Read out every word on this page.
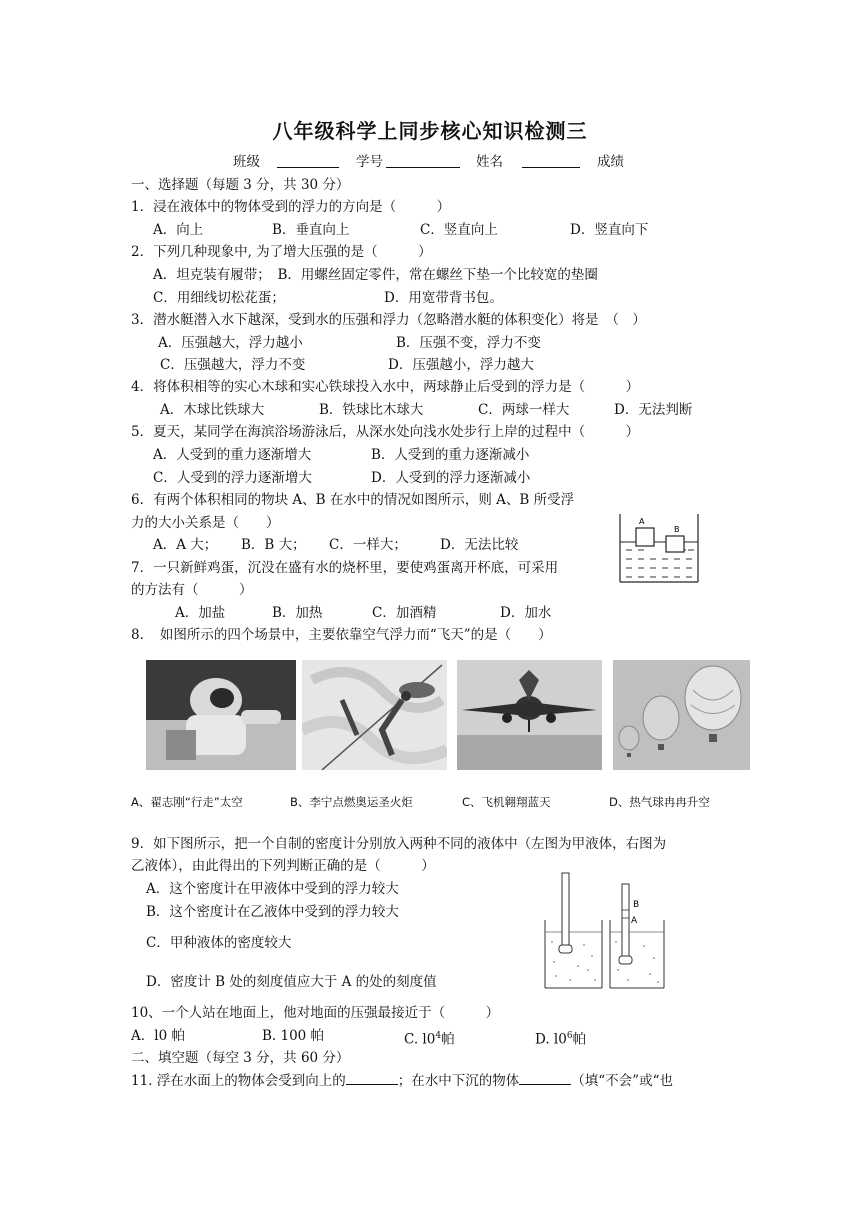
八年级科学上同步核心知识检测三
班级	学号	姓名	成绩
一、选择题（每题 3 分，共 30 分）
1．浸在液体中的物体受到的浮力的方向是（　　　）
A．向上	B．垂直向上	C．竖直向上	D．竖直向下
2．下列几种现象中, 为了增大压强的是（　　　）
A．坦克装有履带；　B．用螺丝固定零件，常在螺丝下垫一个比较宽的垫圈
C．用细线切松花蛋；	D．用宽带背书包。
3．潜水艇潜入水下越深，受到水的压强和浮力（忽略潜水艇的体积变化）将是　（　）
A．压强越大，浮力越小	B．压强不变，浮力不变
C．压强越大，浮力不变	D．压强越小，浮力越大
4．将体积相等的实心木球和实心铁球投入水中，两球静止后受到的浮力是（　　　）
A．木球比铁球大	B．铁球比木球大	C．两球一样大	D．无法判断
5．夏天，某同学在海滨浴场游泳后，从深水处向浅水处步行上岸的过程中（　　　）
A．人受到的重力逐渐增大	B．人受到的重力逐渐减小
C．人受到的浮力逐渐增大	D．人受到的浮力逐渐减小
6．有两个体积相同的物块 A、B 在水中的情况如图所示，则 A、B 所受浮
力的大小关系是（　　）
A．A 大； B．B 大； C．一样大； D．无法比较
A
B
7．一只新鲜鸡蛋，沉没在盛有水的烧杯里，要使鸡蛋离开杯底，可采用
的方法有（　　　）
A．加盐	B．加热	C．加酒精	D．加水
8．　如图所示的四个场景中，主要依靠空气浮力而“飞天”的是（　　）
A、翟志刚“行走”太空	B、李宁点燃奥运圣火炬	C、飞机翱翔蓝天	D、热气球冉冉升空
9．如下图所示，把一个自制的密度计分别放入两种不同的液体中（左图为甲液体，右图为
乙液体），由此得出的下列判断正确的是（　　　）
A．这个密度计在甲液体中受到的浮力较大
B．这个密度计在乙液体中受到的浮力较大
C．甲种液体的密度较大
D．密度计 B 处的刻度值应大于 A 的处的刻度值
B
A
10、一个人站在地面上，他对地面的压强最接近于（　　　）
A．l0 帕	B. 100 帕	C. $l0^4$帕	D. $l0^6$帕
二、填空题（每空 3 分，共 60 分）
11. 浮在水面上的物体会受到向上的	；在水中下沉的物体	（填“不会”或“也
